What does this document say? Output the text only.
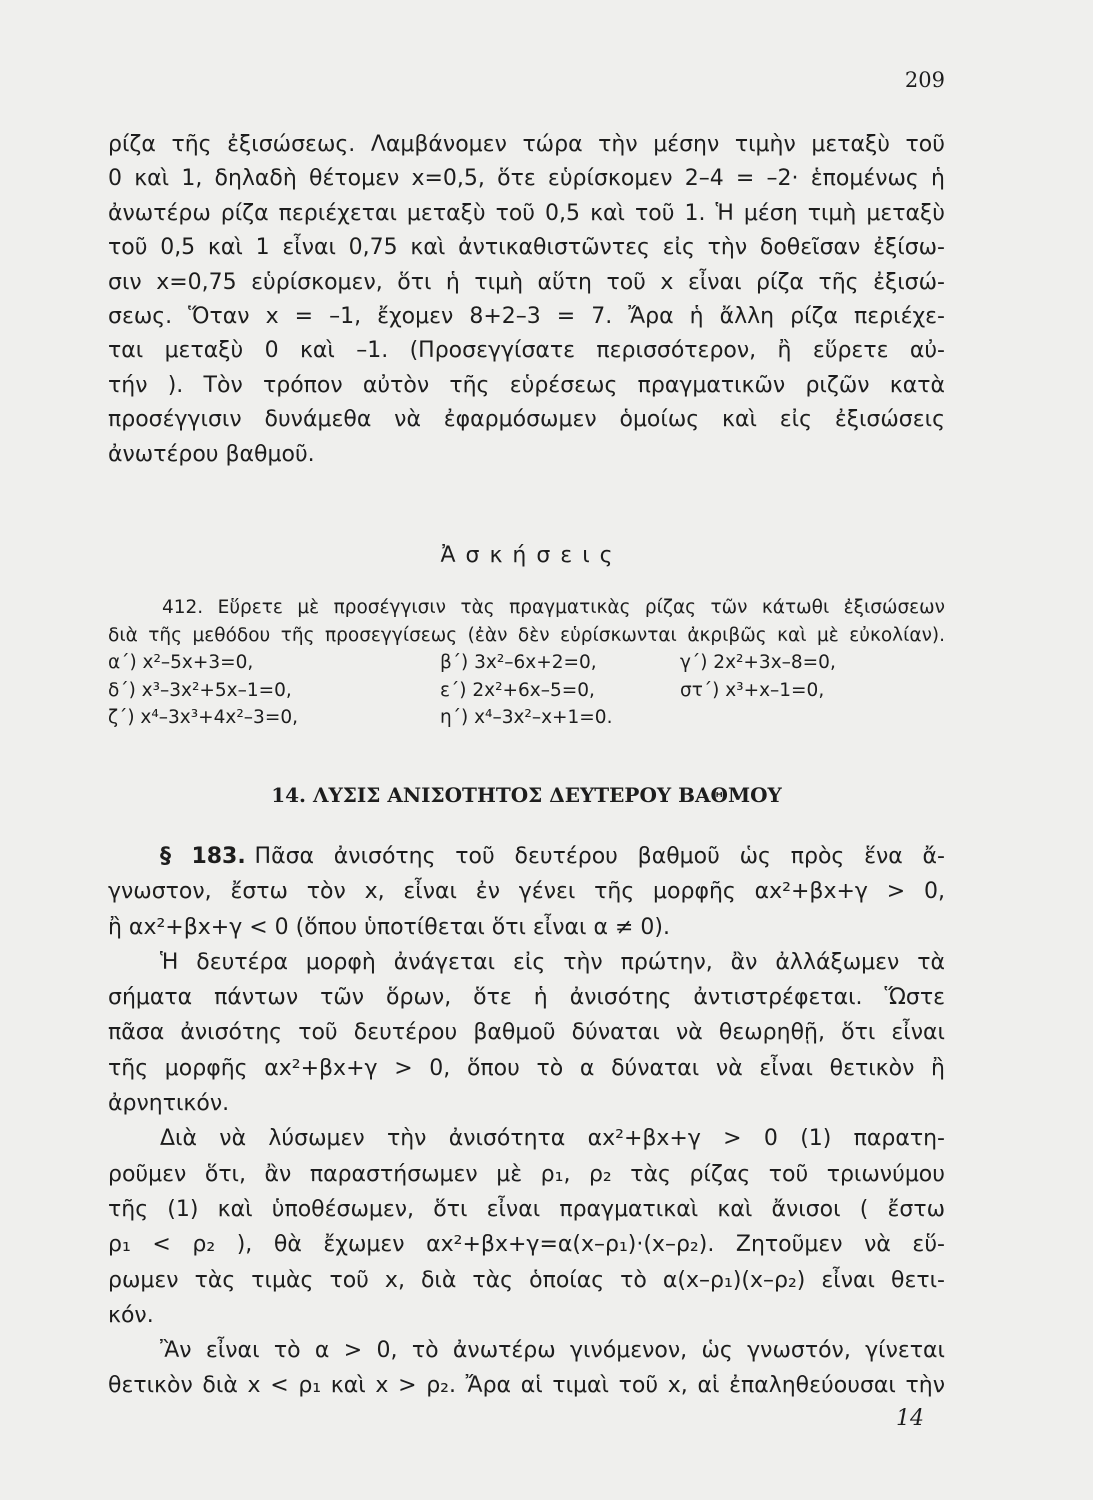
209
ρίζα τῆς ἐξισώσεως. Λαμβάνομεν τώρα τὴν μέσην τιμὴν μεταξὺ τοῦ
0 καὶ 1, δηλαδὴ θέτομεν x=0,5, ὅτε εὑρίσκομεν 2–4 = –2· ἑπομένως ἡ
ἀνωτέρω ρίζα περιέχεται μεταξὺ τοῦ 0,5 καὶ τοῦ 1. Ἡ μέση τιμὴ μεταξὺ
τοῦ 0,5 καὶ 1 εἶναι 0,75 καὶ ἀντικαθιστῶντες εἰς τὴν δοθεῖσαν ἐξίσω-
σιν x=0,75 εὑρίσκομεν, ὅτι ἡ τιμὴ αὕτη τοῦ x εἶναι ρίζα τῆς ἐξισώ-
σεως. Ὅταν x = –1, ἔχομεν 8+2–3 = 7. Ἄρα ἡ ἄλλη ρίζα περιέχε-
ται μεταξὺ 0 καὶ –1. (Προσεγγίσατε περισσότερον, ἢ εὕρετε αὐ-
τήν ). Τὸν τρόπον αὐτὸν τῆς εὑρέσεως πραγματικῶν ριζῶν κατὰ
προσέγγισιν δυνάμεθα νὰ ἐφαρμόσωμεν ὁμοίως καὶ εἰς ἐξισώσεις
ἀνωτέρου βαθμοῦ.
Ἀσκήσεις
412. Εὕρετε μὲ προσέγγισιν τὰς πραγματικὰς ρίζας τῶν κάτωθι ἐξισώσεων
διὰ τῆς μεθόδου τῆς προσεγγίσεως (ἐὰν δὲν εὑρίσκωνται ἀκριβῶς καὶ μὲ εὐκολίαν).
α΄) x²–5x+3=0,	β΄) 3x²–6x+2=0,	γ΄) 2x²+3x–8=0,
δ΄) x³–3x²+5x–1=0,	ε΄) 2x²+6x–5=0,	στ΄) x³+x–1=0,
ζ΄) x⁴–3x³+4x²–3=0,	η΄) x⁴–3x²–x+1=0.
14. ΛΥΣΙΣ ΑΝΙΣΟΤΗΤΟΣ ΔΕΥΤΕΡΟΥ ΒΑΘΜΟΥ
§ 183. Πᾶσα ἀνισότης τοῦ δευτέρου βαθμοῦ ὡς πρὸς ἕνα ἄ-
γνωστον, ἔστω τὸν x, εἶναι ἐν γένει τῆς μορφῆς αx²+βx+γ > 0,
ἢ αx²+βx+γ < 0 (ὅπου ὑποτίθεται ὅτι εἶναι α ≠ 0).
Ἡ δευτέρα μορφὴ ἀνάγεται εἰς τὴν πρώτην, ἂν ἀλλάξωμεν τὰ
σήματα πάντων τῶν ὅρων, ὅτε ἡ ἀνισότης ἀντιστρέφεται. Ὥστε
πᾶσα ἀνισότης τοῦ δευτέρου βαθμοῦ δύναται νὰ θεωρηθῇ, ὅτι εἶναι
τῆς μορφῆς αx²+βx+γ > 0, ὅπου τὸ α δύναται νὰ εἶναι θετικὸν ἢ
ἀρνητικόν.
Διὰ νὰ λύσωμεν τὴν ἀνισότητα αx²+βx+γ > 0 (1) παρατη-
ροῦμεν ὅτι, ἂν παραστήσωμεν μὲ ρ₁, ρ₂ τὰς ρίζας τοῦ τριωνύμου
τῆς (1) καὶ ὑποθέσωμεν, ὅτι εἶναι πραγματικαὶ καὶ ἄνισοι ( ἔστω
ρ₁ < ρ₂ ), θὰ ἔχωμεν αx²+βx+γ=α(x–ρ₁)·(x–ρ₂). Ζητοῦμεν νὰ εὕ-
ρωμεν τὰς τιμὰς τοῦ x, διὰ τὰς ὁποίας τὸ α(x–ρ₁)(x–ρ₂) εἶναι θετι-
κόν.
Ἂν εἶναι τὸ α > 0, τὸ ἀνωτέρω γινόμενον, ὡς γνωστόν, γίνεται
θετικὸν διὰ x < ρ₁ καὶ x > ρ₂. Ἄρα αἱ τιμαὶ τοῦ x, αἱ ἐπαληθεύουσαι τὴν
14
